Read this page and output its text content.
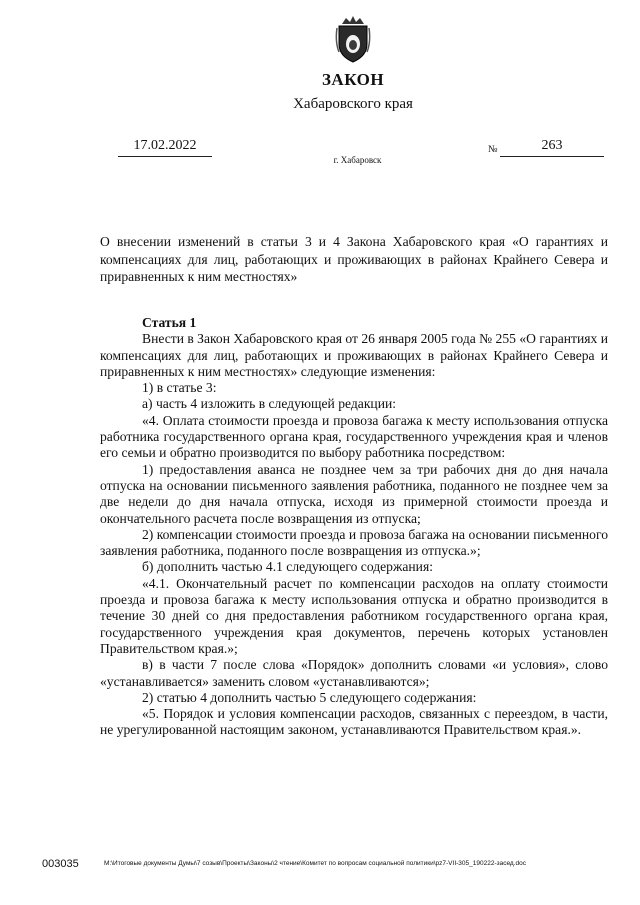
ЗАКОН
Хабаровского края
17.02.2022
г. Хабаровск
№	263
О внесении изменений в статьи 3 и 4 Закона Хабаровского края «О гарантиях и компенсациях для лиц, работающих и проживающих в районах Крайнего Севера и приравненных к ним местностях»

Статья 1

Внести в Закон Хабаровского края от 26 января 2005 года № 255 «О гарантиях и компенсациях для лиц, работающих и проживающих в районах Крайнего Севера и приравненных к ним местностях» следующие изменения:

1) в статье 3:

а) часть 4 изложить в следующей редакции:

«4. Оплата стоимости проезда и провоза багажа к месту использования отпуска работника государственного органа края, государственного учреждения края и членов его семьи и обратно производится по выбору работника посредством:

1) предоставления аванса не позднее чем за три рабочих дня до дня начала отпуска на основании письменного заявления работника, поданного не позднее чем за две недели до дня начала отпуска, исходя из примерной стоимости проезда и окончательного расчета после возвращения из отпуска;

2) компенсации стоимости проезда и провоза багажа на основании письменного заявления работника, поданного после возвращения из отпуска.»;

б) дополнить частью 4.1 следующего содержания:

«4.1. Окончательный расчет по компенсации расходов на оплату стоимости проезда и провоза багажа к месту использования отпуска и обратно производится в течение 30 дней со дня предоставления работником государственного органа края, государственного учреждения края документов, перечень которых установлен Правительством края.»;

в) в части 7 после слова «Порядок» дополнить словами «и условия», слово «устанавливается» заменить словом «устанавливаются»;

2) статью 4 дополнить частью 5 следующего содержания:

«5. Порядок и условия компенсации расходов, связанных с переездом, в части, не урегулированной настоящим законом, устанавливаются Правительством края.».

003035	M:\Итоговые документы Думы\7 созыв\Проекты\Законы\2 чтение\Комитет по вопросам социальной политики\pz7-VII-305_190222-засед.doc
